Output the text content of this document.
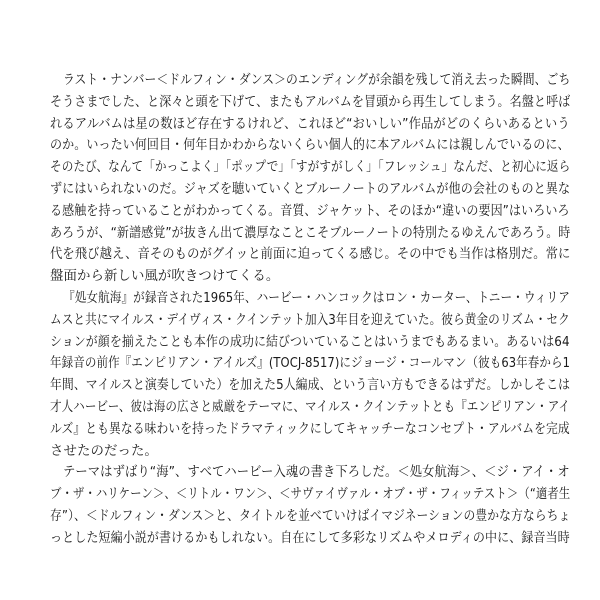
ラスト・ナンバー＜ドルフィン・ダンス＞のエンディングが余韻を残して消え去った瞬間、ごち
そうさまでした、と深々と頭を下げて、またもアルバムを冒頭から再生してしまう。名盤と呼ば
れるアルバムは星の数ほど存在するけれど、これほど“おいしい”作品がどのくらいあるという
のか。いったい何回目・何年目かわからないくらい個人的に本アルバムには親しんでいるのに、
そのたび、なんて「かっこよく」「ポップで」「すがすがしく」「フレッシュ」なんだ、と初心に返ら
ずにはいられないのだ。ジャズを聴いていくとブルーノートのアルバムが他の会社のものと異な
る感触を持っていることがわかってくる。音質、ジャケット、そのほか“違いの要因”はいろいろ
あろうが、“新譜感覚”が抜きん出て濃厚なことこそブルーノートの特別たるゆえんであろう。時
代を飛び越え、音そのものがグイッと前面に迫ってくる感じ。その中でも当作は格別だ。常に
盤面から新しい風が吹きつけてくる。
『処女航海』が録音された1965年、ハービー・ハンコックはロン・カーター、トニー・ウィリア
ムスと共にマイルス・デイヴィス・クインテット加入3年目を迎えていた。彼ら黄金のリズム・セク
ションが顔を揃えたことも本作の成功に結びついていることはいうまでもあるまい。あるいは64
年録音の前作『エンピリアン・アイルズ』(TOCJ-8517)にジョージ・コールマン（彼も63年春から1
年間、マイルスと演奏していた）を加えた5人編成、という言い方もできるはずだ。しかしそこは
才人ハービー、彼は海の広さと威厳をテーマに、マイルス・クインテットとも『エンピリアン・アイ
ルズ』とも異なる味わいを持ったドラマティックにしてキャッチーなコンセプト・アルバムを完成
させたのだった。
テーマはずばり“海”、すべてハービー入魂の書き下ろしだ。＜処女航海＞、＜ジ・アイ・オ
ブ・ザ・ハリケーン＞、＜リトル・ワン＞、＜サヴァイヴァル・オブ・ザ・フィッテスト＞（“適者生
存”）、＜ドルフィン・ダンス＞と、タイトルを並べていけばイマジネーションの豊かな方ならちょ
っとした短編小説が書けるかもしれない。自在にして多彩なリズムやメロディの中に、録音当時
